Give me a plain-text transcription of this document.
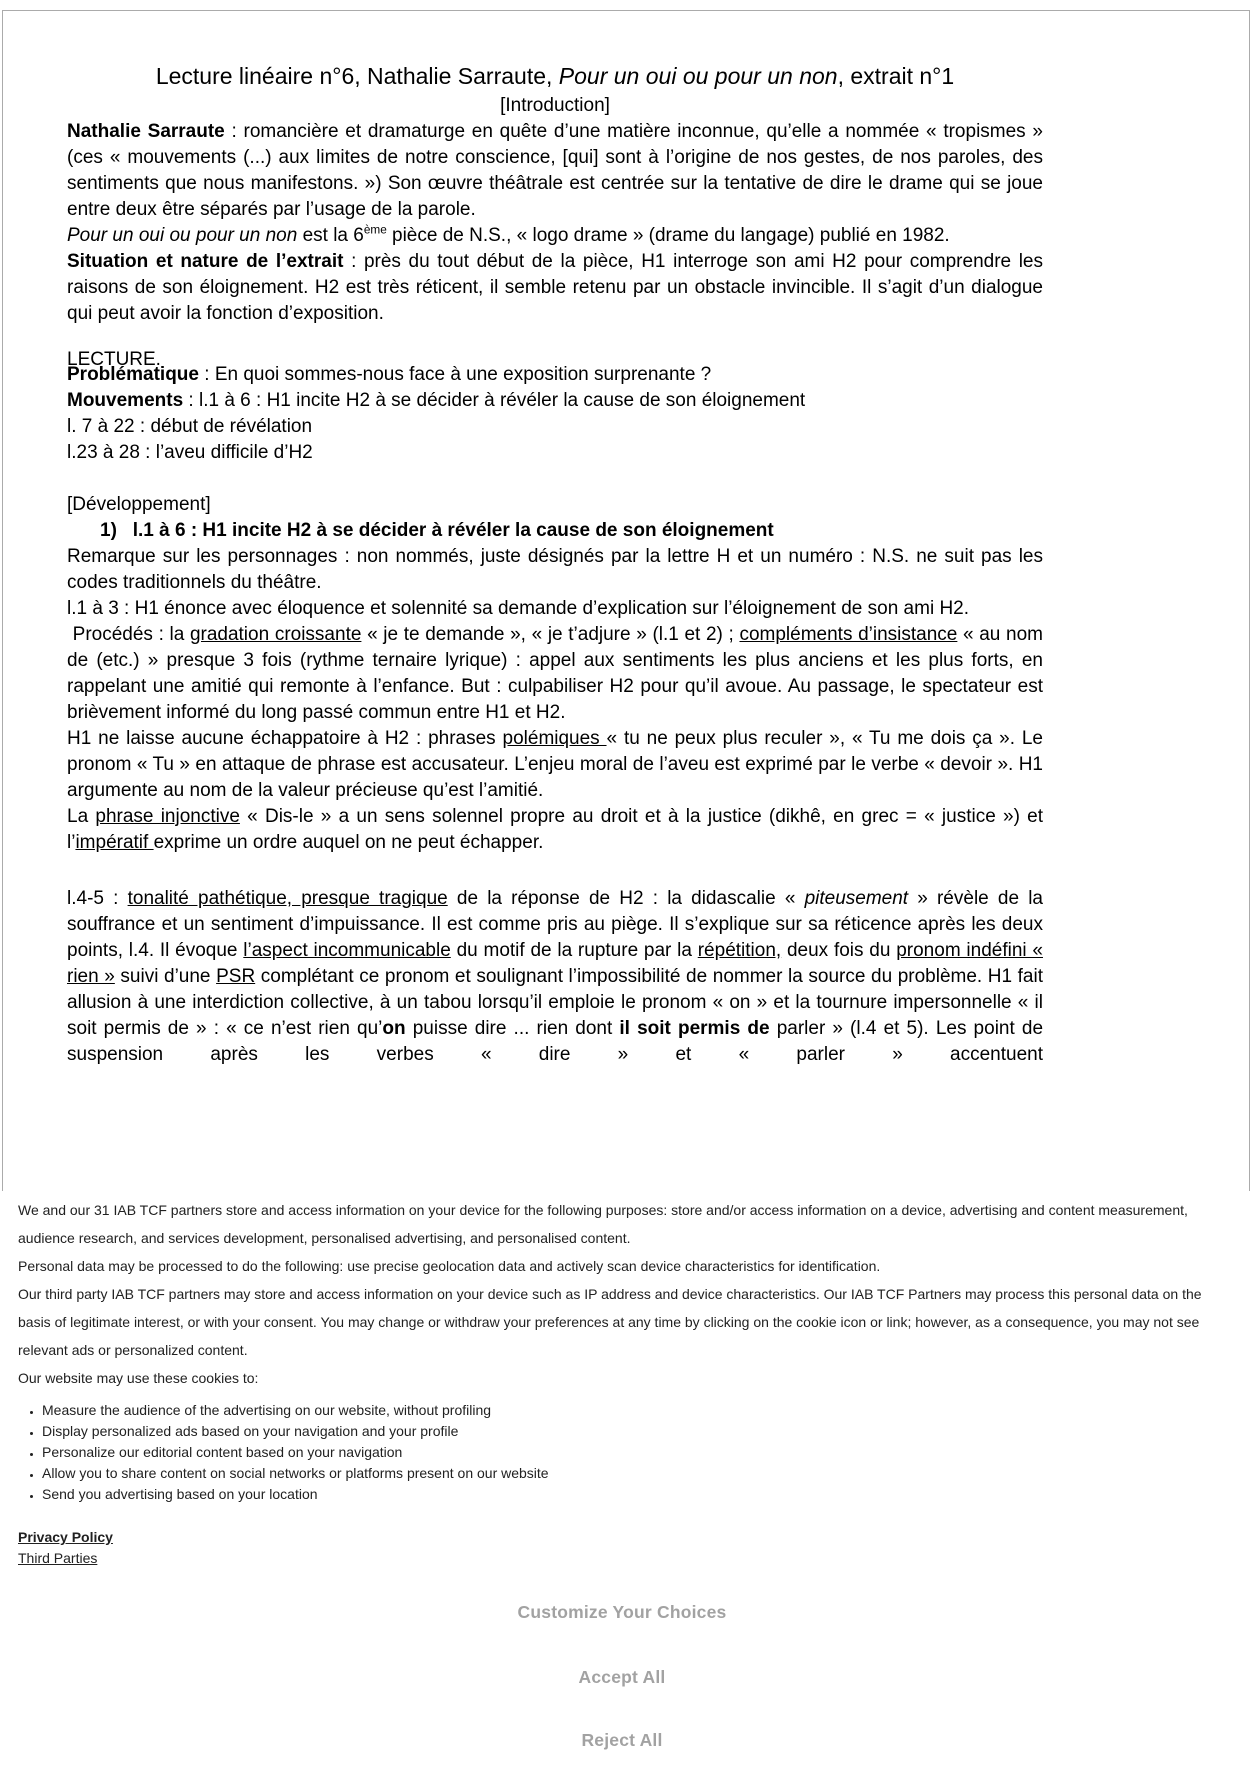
Lecture linéaire n°6, Nathalie Sarraute, Pour un oui ou pour un non, extrait n°1
[Introduction]

Nathalie Sarraute : romancière et dramaturge en quête d’une matière inconnue, qu’elle a nommée « tropismes » (ces « mouvements (...) aux limites de notre conscience, [qui] sont à l’origine de nos gestes, de nos paroles, des sentiments que nous manifestons. ») Son œuvre théâtrale est centrée sur la tentative de dire le drame qui se joue entre deux être séparés par l’usage de la parole.

Pour un oui ou pour un non est la 6ème pièce de N.S., « logo drame » (drame du langage) publié en 1982.

Situation et nature de l’extrait : près du tout début de la pièce, H1 interroge son ami H2 pour comprendre les raisons de son éloignement. H2 est très réticent, il semble retenu par un obstacle invincible. Il s’agit d’un dialogue qui peut avoir la fonction d’exposition.

LECTURE.

Problématique : En quoi sommes-nous face à une exposition surprenante ?

Mouvements : l.1 à 6 : H1 incite H2 à se décider à révéler la cause de son éloignement

l. 7 à 22 : début de révélation

l.23 à 28 : l’aveu difficile d’H2

[Développement]

1)   l.1 à 6 : H1 incite H2 à se décider à révéler la cause de son éloignement

Remarque sur les personnages : non nommés, juste désignés par la lettre H et un numéro : N.S. ne suit pas les codes traditionnels du théâtre.

l.1 à 3 : H1 énonce avec éloquence et solennité sa demande d’explication sur l’éloignement de son ami H2.

Procédés : la gradation croissante « je te demande », « je t’adjure » (l.1 et 2) ; compléments d’insistance « au nom de (etc.) » presque 3 fois (rythme ternaire lyrique) : appel aux sentiments les plus anciens et les plus forts, en rappelant une amitié qui remonte à l’enfance. But : culpabiliser H2 pour qu’il avoue. Au passage, le spectateur est brièvement informé du long passé commun entre H1 et H2.

H1 ne laisse aucune échappatoire à H2 : phrases polémiques « tu ne peux plus reculer », « Tu me dois ça ». Le pronom « Tu » en attaque de phrase est accusateur. L’enjeu moral de l’aveu est exprimé par le verbe « devoir ». H1 argumente au nom de la valeur précieuse qu’est l’amitié.

La phrase injonctive « Dis-le » a un sens solennel propre au droit et à la justice (dikhê, en grec = « justice ») et l’impératif exprime un ordre auquel on ne peut échapper.

l.4-5 : tonalité pathétique, presque tragique de la réponse de H2 : la didascalie « piteusement » révèle de la souffrance et un sentiment d’impuissance. Il est comme pris au piège. Il s’explique sur sa réticence après les deux points, l.4. Il évoque l’aspect incommunicable du motif de la rupture par la répétition, deux fois du pronom indéfini « rien » suivi d’une PSR complétant ce pronom et soulignant l’impossibilité de nommer la source du problème. H1 fait allusion à une interdiction collective, à un tabou lorsqu’il emploie le pronom « on » et la tournure impersonnelle « il soit permis de » : « ce n’est rien qu’on puisse dire ... rien dont il soit permis de parler » (l.4 et 5). Les point de suspension après les verbes « dire » et « parler » accentuent

We and our 31 IAB TCF partners store and access information on your device for the following purposes: store and/or access information on a device, advertising and content measurement, audience research, and services development, personalised advertising, and personalised content.

Personal data may be processed to do the following: use precise geolocation data and actively scan device characteristics for identification.

Our third party IAB TCF partners may store and access information on your device such as IP address and device characteristics. Our IAB TCF Partners may process this personal data on the basis of legitimate interest, or with your consent. You may change or withdraw your preferences at any time by clicking on the cookie icon or link; however, as a consequence, you may not see relevant ads or personalized content.

Our website may use these cookies to:

• Measure the audience of the advertising on our website, without profiling
• Display personalized ads based on your navigation and your profile
• Personalize our editorial content based on your navigation
• Allow you to share content on social networks or platforms present on our website
• Send you advertising based on your location
Privacy Policy
Third Parties
Customize Your Choices
Accept All
Reject All
